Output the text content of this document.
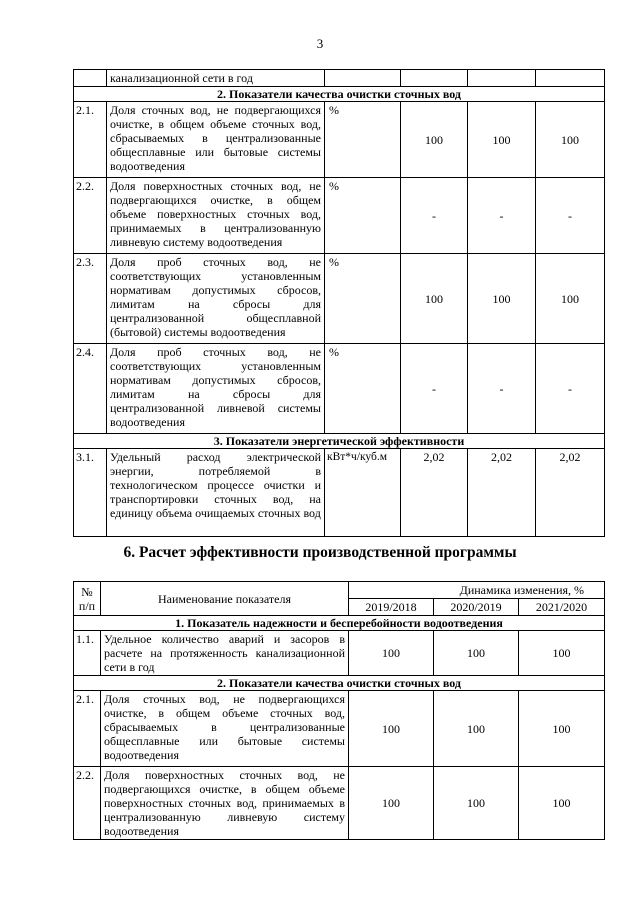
3
	канализационной сети в год				
2. Показатели качества очистки сточных вод					
2.1.	Доля сточных вод, не подвергающихся очистке, в общем объеме сточных вод, сбрасываемых в централизованные общесплавные или бытовые системы водоотведения	%	100	100	100
2.2.	Доля поверхностных сточных вод, не подвергающихся очистке, в общем объеме поверхностных сточных вод, принимаемых в централизованную ливневую систему водоотведения	%	-	-	-
2.3.	Доля проб сточных вод, не соответствующих установленным нормативам допустимых сбросов, лимитам на сбросы для централизованной общесплавной (бытовой) системы водоотведения	%	100	100	100
2.4.	Доля проб сточных вод, не соответствующих установленным нормативам допустимых сбросов, лимитам на сбросы для централизованной ливневой системы водоотведения	%	-	-	-
3. Показатели энергетической эффективности					
3.1.	Удельный расход электрической энергии, потребляемой в технологическом процессе очистки и транспортировки сточных вод, на единицу объема очищаемых сточных вод	кВт*ч/куб.м	2,02	2,02	2,02
6. Расчет эффективности производственной программы
№ п/п	Наименование показателя	Динамика изменения, %		
		2019/2018	2020/2019	2021/2020
1. Показатель надежности и бесперебойности водоотведения				
1.1.	Удельное количество аварий и засоров в расчете на протяженность канализационной сети в год	100	100	100
2. Показатели качества очистки сточных вод				
2.1.	Доля сточных вод, не подвергающихся очистке, в общем объеме сточных вод, сбрасываемых в централизованные общесплавные или бытовые системы водоотведения	100	100	100
2.2.	Доля поверхностных сточных вод, не подвергающихся очистке, в общем объеме поверхностных сточных вод, принимаемых в централизованную ливневую систему водоотведения	100	100	100
